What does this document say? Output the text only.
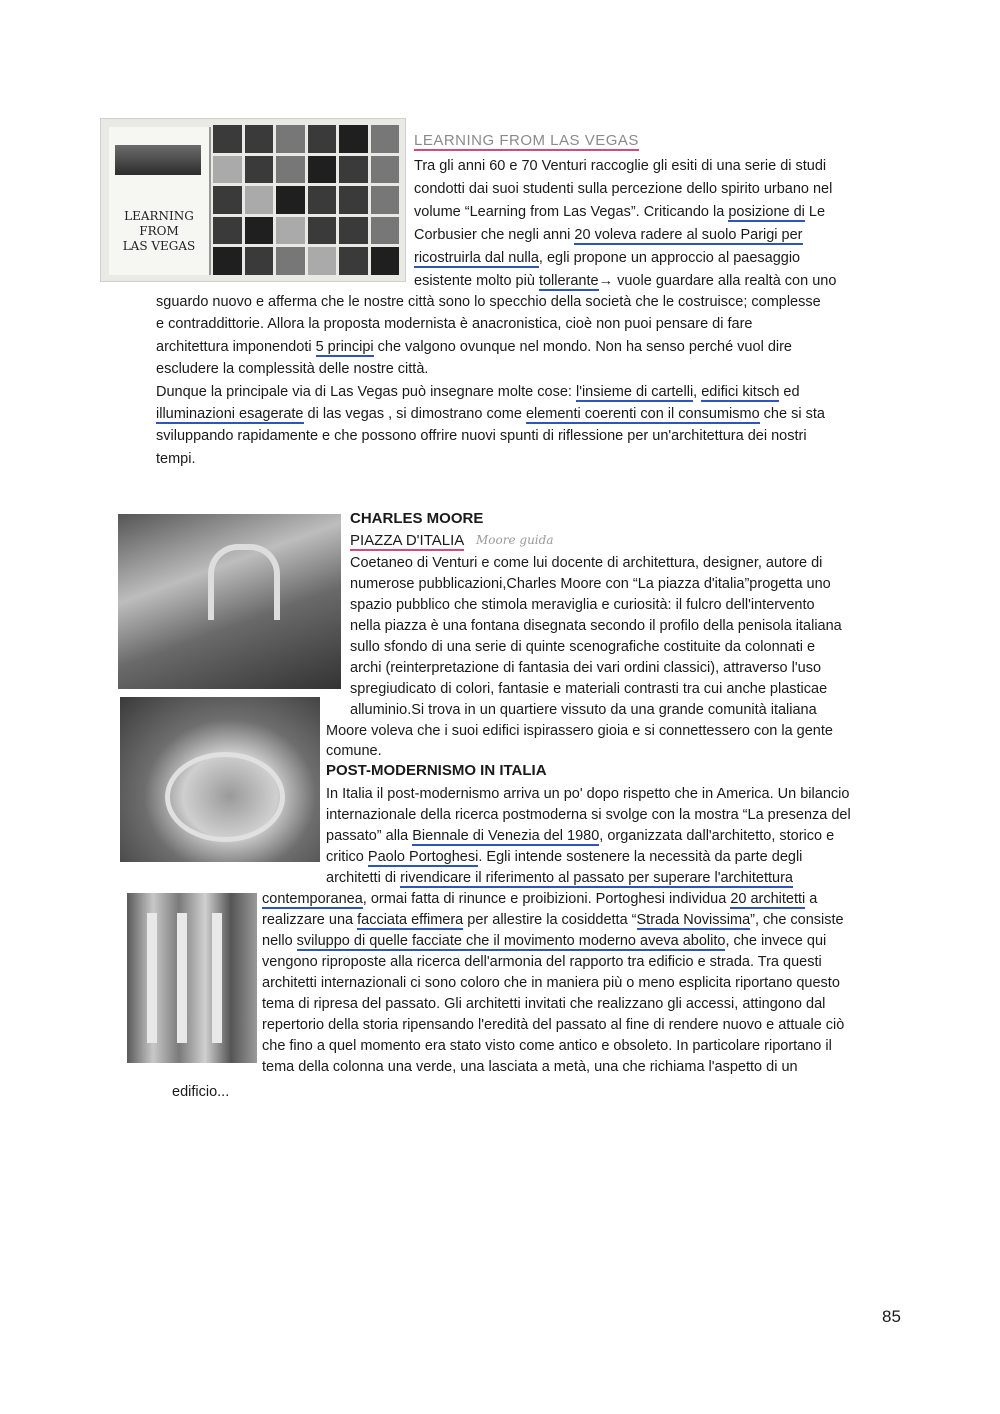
LEARNING
FROM
LAS VEGAS
LEARNING FROM LAS VEGAS
Tra gli anni 60 e 70 Venturi raccoglie gli esiti di una serie di studi
condotti dai suoi studenti sulla percezione dello spirito urbano nel
volume “Learning from Las Vegas”. Criticando la posizione di Le
Corbusier che negli anni 20 voleva radere al suolo Parigi per
ricostruirla dal nulla, egli propone un approccio al paesaggio
esistente molto più tollerante→ vuole guardare alla realtà con uno
sguardo nuovo e afferma che le nostre città sono lo specchio della società che le costruisce; complesse
e contraddittorie. Allora la proposta modernista è anacronistica, cioè non puoi pensare di fare
architettura imponendoti 5 principi che valgono ovunque nel mondo. Non ha senso perché vuol dire
escludere la complessità delle nostre città.
Dunque la principale via di Las Vegas può insegnare molte cose: l'insieme di cartelli, edifici kitsch ed
illuminazioni esagerate di las vegas , si dimostrano come elementi coerenti con il consumismo che si sta
sviluppando rapidamente e che possono offrire nuovi spunti di riflessione per un'architettura dei nostri
tempi.
CHARLES MOORE
PIAZZA D'ITALIA Moore guida
Coetaneo di Venturi e come lui docente di architettura, designer, autore di
numerose pubblicazioni,Charles Moore con “La piazza d'italia”progetta uno
spazio pubblico che stimola meraviglia e curiosità: il fulcro dell'intervento
nella piazza è una fontana disegnata secondo il profilo della penisola italiana
sullo sfondo di una serie di quinte scenografiche costituite da colonnati e
archi (reinterpretazione di fantasia dei vari ordini classici), attraverso l'uso
spregiudicato di colori, fantasie e materiali contrasti tra cui anche plasticae
alluminio.Si trova in un quartiere vissuto da una grande comunità italiana
Moore voleva che i suoi edifici ispirassero gioia e si connettessero con la gente
comune.
POST-MODERNISMO IN ITALIA
In Italia il post-modernismo arriva un po' dopo rispetto che in America. Un bilancio
internazionale della ricerca postmoderna si svolge con la mostra “La presenza del
passato” alla Biennale di Venezia del 1980, organizzata dall'architetto, storico e
critico Paolo Portoghesi. Egli intende sostenere la necessità da parte degli
architetti di rivendicare il riferimento al passato per superare l'architettura
contemporanea, ormai fatta di rinunce e proibizioni. Portoghesi individua 20 architetti a
realizzare una facciata effimera per allestire la cosiddetta “Strada Novissima”, che consiste
nello sviluppo di quelle facciate che il movimento moderno aveva abolito, che invece qui
vengono riproposte alla ricerca dell'armonia del rapporto tra edificio e strada. Tra questi
architetti internazionali ci sono coloro che in maniera più o meno esplicita riportano questo
tema di ripresa del passato. Gli architetti invitati che realizzano gli accessi, attingono dal
repertorio della storia ripensando l'eredità del passato al fine di rendere nuovo e attuale ciò
che fino a quel momento era stato visto come antico e obsoleto. In particolare riportano il
tema della colonna una verde, una lasciata a metà, una che richiama l'aspetto di un
edificio...
85
